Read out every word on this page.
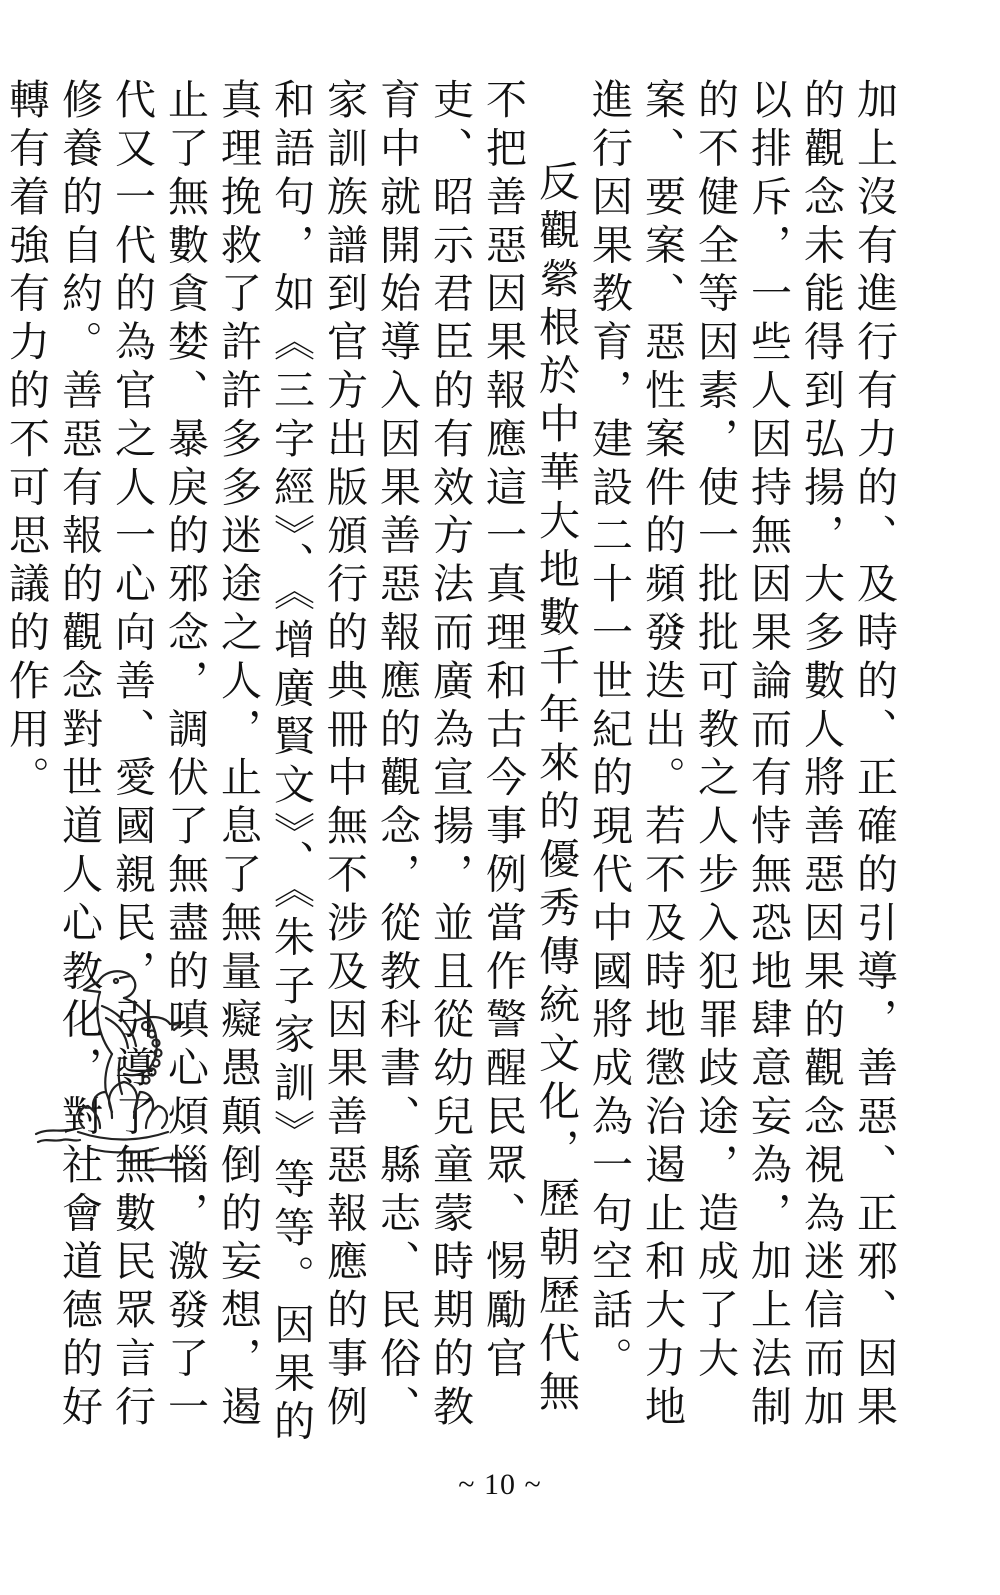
加上沒有進行有力的、及時的、正確的引導，善惡、正邪、因果的觀念未能得到弘揚，大多數人將善惡因果的觀念視為迷信而加以排斥，一些人因持無因果論而有恃無恐地肆意妄為，加上法制的不健全等因素，使一批批可教之人步入犯罪歧途，造成了大案、要案、惡性案件的頻發迭出。若不及時地懲治遏止和大力地進行因果教育，建設二十一世紀的現代中國將成為一句空話。

反觀縈根於中華大地數千年來的優秀傳統文化，歷朝歷代無不把善惡因果報應這一真理和古今事例當作警醒民眾、惕勵官吏、昭示君臣的有效方法而廣為宣揚，並且從幼兒童蒙時期的教育中就開始導入因果善惡報應的觀念，從教科書、縣志、民俗、家訓族譜到官方出版頒行的典冊中無不涉及因果善惡報應的事例和語句，如《三字經》、《增廣賢文》、《朱子家訓》等等。因果的真理挽救了許許多多迷途之人，止息了無量癡愚顛倒的妄想，遏止了無數貪婪、暴戾的邪念，調伏了無盡的嗔心煩惱，激發了一代又一代的為官之人一心向善、愛國親民，引導了無數民眾言行修養的自約。善惡有報的觀念對世道人心教化，對社會道德的好轉有着強有力的不可思議的作用。

~ 10 ~
